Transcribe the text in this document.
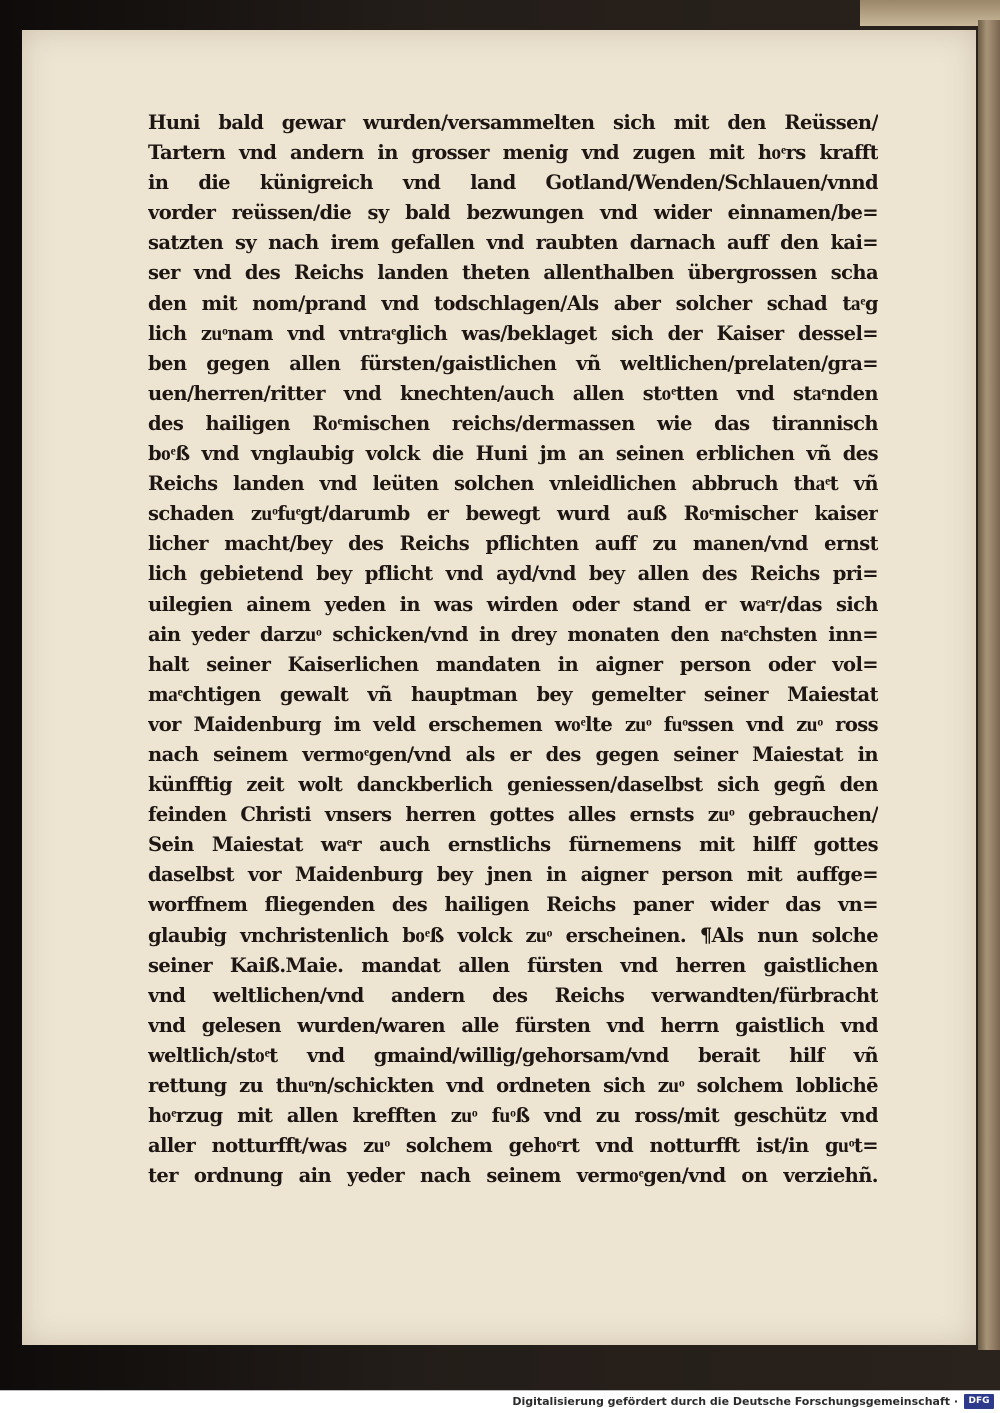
Huni bald gewar wurden/versammelten sich mit den Reüssen/
Tartern vnd andern in grosser menig vnd zugen mit hoͤrs krafft
in die künigreich vnd land Gotland/Wenden/Schlauen/vnnd
vorder reüssen/die sy bald bezwungen vnd wider einnamen/be=
satzten sy nach irem gefallen vnd raubten darnach auff den kai=
ser vnd des Reichs landen theten allenthalben übergrossen scha
den mit nom/prand vnd todschlagen/Als aber solcher schad taͤg
lich zuͦnam vnd vntraͤglich was/beklaget sich der Kaiser dessel=
ben gegen allen fürsten/gaistlichen vñ weltlichen/prelaten/gra=
uen/herren/ritter vnd knechten/auch allen stoͤtten vnd staͤnden
des hailigen Roͤmischen reichs/dermassen wie das tirannisch
boͤß vnd vnglaubig volck die Huni jm an seinen erblichen vñ des
Reichs landen vnd leüten solchen vnleidlichen abbruch thaͤt vñ
schaden zuͦfuͤgt/darumb er bewegt wurd auß Roͤmischer kaiser
licher macht/bey des Reichs pflichten auff zu manen/vnd ernst
lich gebietend bey pflicht vnd ayd/vnd bey allen des Reichs pri=
uilegien ainem yeden in was wirden oder stand er waͤr/das sich
ain yeder darzuͦ schicken/vnd in drey monaten den naͤchsten inn=
halt seiner Kaiserlichen mandaten in aigner person oder vol=
maͤchtigen gewalt vñ hauptman bey gemelter seiner Maiestat
vor Maidenburg im veld erschemen woͤlte zuͦ fuͦssen vnd zuͦ ross
nach seinem vermoͤgen/vnd als er des gegen seiner Maiestat in
künfftig zeit wolt danckberlich geniessen/daselbst sich gegñ den
feinden Christi vnsers herren gottes alles ernsts zuͦ gebrauchen/
Sein Maiestat waͤr auch ernstlichs fürnemens mit hilff gottes
daselbst vor Maidenburg bey jnen in aigner person mit auffge=
worffnem fliegenden des hailigen Reichs paner wider das vn=
glaubig vnchristenlich boͤß volck zuͦ erscheinen. ¶Als nun solche
seiner Kaiß.Maie. mandat allen fürsten vnd herren gaistlichen
vnd weltlichen/vnd andern des Reichs verwandten/fürbracht
vnd gelesen wurden/waren alle fürsten vnd herrn gaistlich vnd
weltlich/stoͤt vnd gmaind/willig/gehorsam/vnd berait hilf vñ
rettung zu thuͦn/schickten vnd ordneten sich zuͦ solchem loblichē
hoͤrzug mit allen krefften zuͦ fuͦß vnd zu ross/mit geschütz vnd
aller notturfft/was zuͦ solchem gehoͤrt vnd notturfft ist/in guͦt=
ter ordnung ain yeder nach seinem vermoͤgen/vnd on verziehñ.
Digitalisierung gefördert durch die Deutsche Forschungsgemeinschaft ·	DFG
